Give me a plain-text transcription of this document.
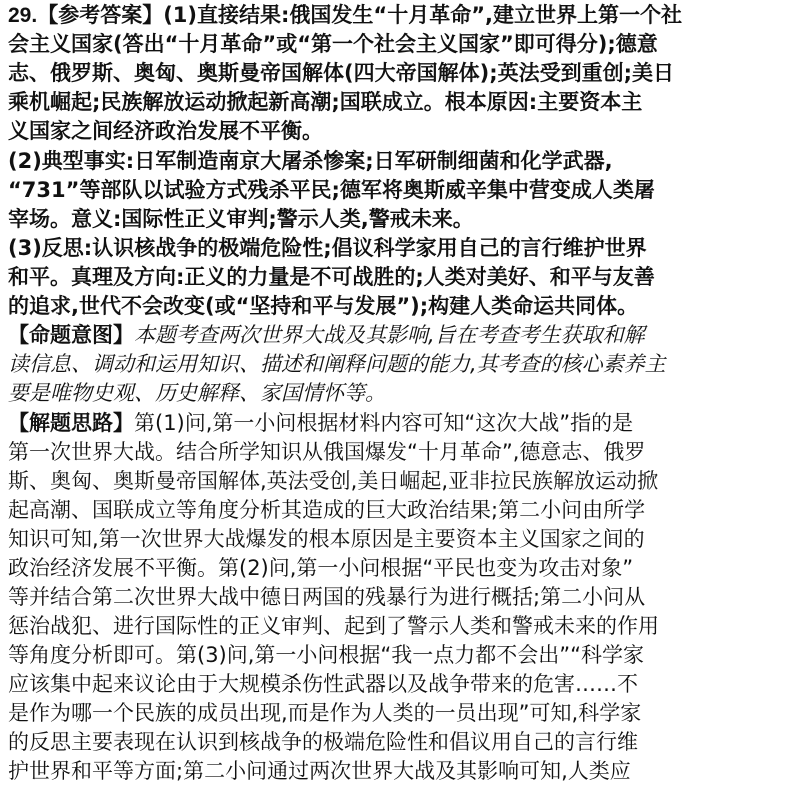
29.【参考答案】(1)直接结果:俄国发生“十月革命”,建立世界上第一个社
会主义国家(答出“十月革命”或“第一个社会主义国家”即可得分);德意
志、俄罗斯、奥匈、奥斯曼帝国解体(四大帝国解体);英法受到重创;美日
乘机崛起;民族解放运动掀起新高潮;国联成立。根本原因:主要资本主
义国家之间经济政治发展不平衡。
(2)典型事实:日军制造南京大屠杀惨案;日军研制细菌和化学武器,
“731”等部队以试验方式残杀平民;德军将奥斯威辛集中营变成人类屠
宰场。意义:国际性正义审判;警示人类,警戒未来。
(3)反思:认识核战争的极端危险性;倡议科学家用自己的言行维护世界
和平。真理及方向:正义的力量是不可战胜的;人类对美好、和平与友善
的追求,世代不会改变(或“坚持和平与发展”);构建人类命运共同体。
【命题意图】本题考查两次世界大战及其影响,旨在考查考生获取和解
读信息、调动和运用知识、描述和阐释问题的能力,其考查的核心素养主
要是唯物史观、历史解释、家国情怀等。
【解题思路】第(1)问,第一小问根据材料内容可知“这次大战”指的是
第一次世界大战。结合所学知识从俄国爆发“十月革命”,德意志、俄罗
斯、奥匈、奥斯曼帝国解体,英法受创,美日崛起,亚非拉民族解放运动掀
起高潮、国联成立等角度分析其造成的巨大政治结果;第二小问由所学
知识可知,第一次世界大战爆发的根本原因是主要资本主义国家之间的
政治经济发展不平衡。第(2)问,第一小问根据“平民也变为攻击对象”
等并结合第二次世界大战中德日两国的残暴行为进行概括;第二小问从
惩治战犯、进行国际性的正义审判、起到了警示人类和警戒未来的作用
等角度分析即可。第(3)问,第一小问根据“我一点力都不会出”“科学家
应该集中起来议论由于大规模杀伤性武器以及战争带来的危害……不
是作为哪一个民族的成员出现,而是作为人类的一员出现”可知,科学家
的反思主要表现在认识到核战争的极端危险性和倡议用自己的言行维
护世界和平等方面;第二小问通过两次世界大战及其影响可知,人类应
